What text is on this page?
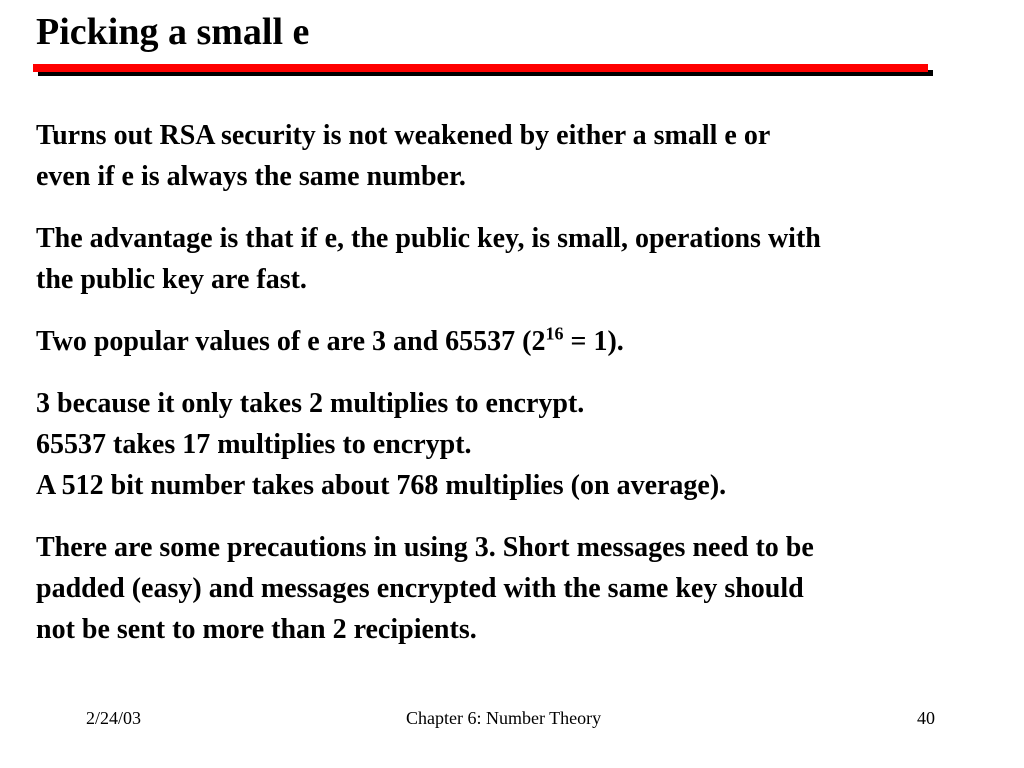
Picking a small e

Turns out RSA security is not weakened by either a small e or
even if e is always the same number.

The advantage is that if e, the public key, is small, operations with
the public key are fast.

Two popular values of e are 3 and 65537 $(2^{16} = 1)$.

3 because it only takes 2 multiplies to encrypt.
65537 takes 17 multiplies to encrypt.
A 512 bit number takes about 768 multiplies (on average).

There are some precautions in using 3. Short messages need to be
padded (easy) and messages encrypted with the same key should
not be sent to more than 2 recipients.

2/24/03	Chapter 6: Number Theory	40
